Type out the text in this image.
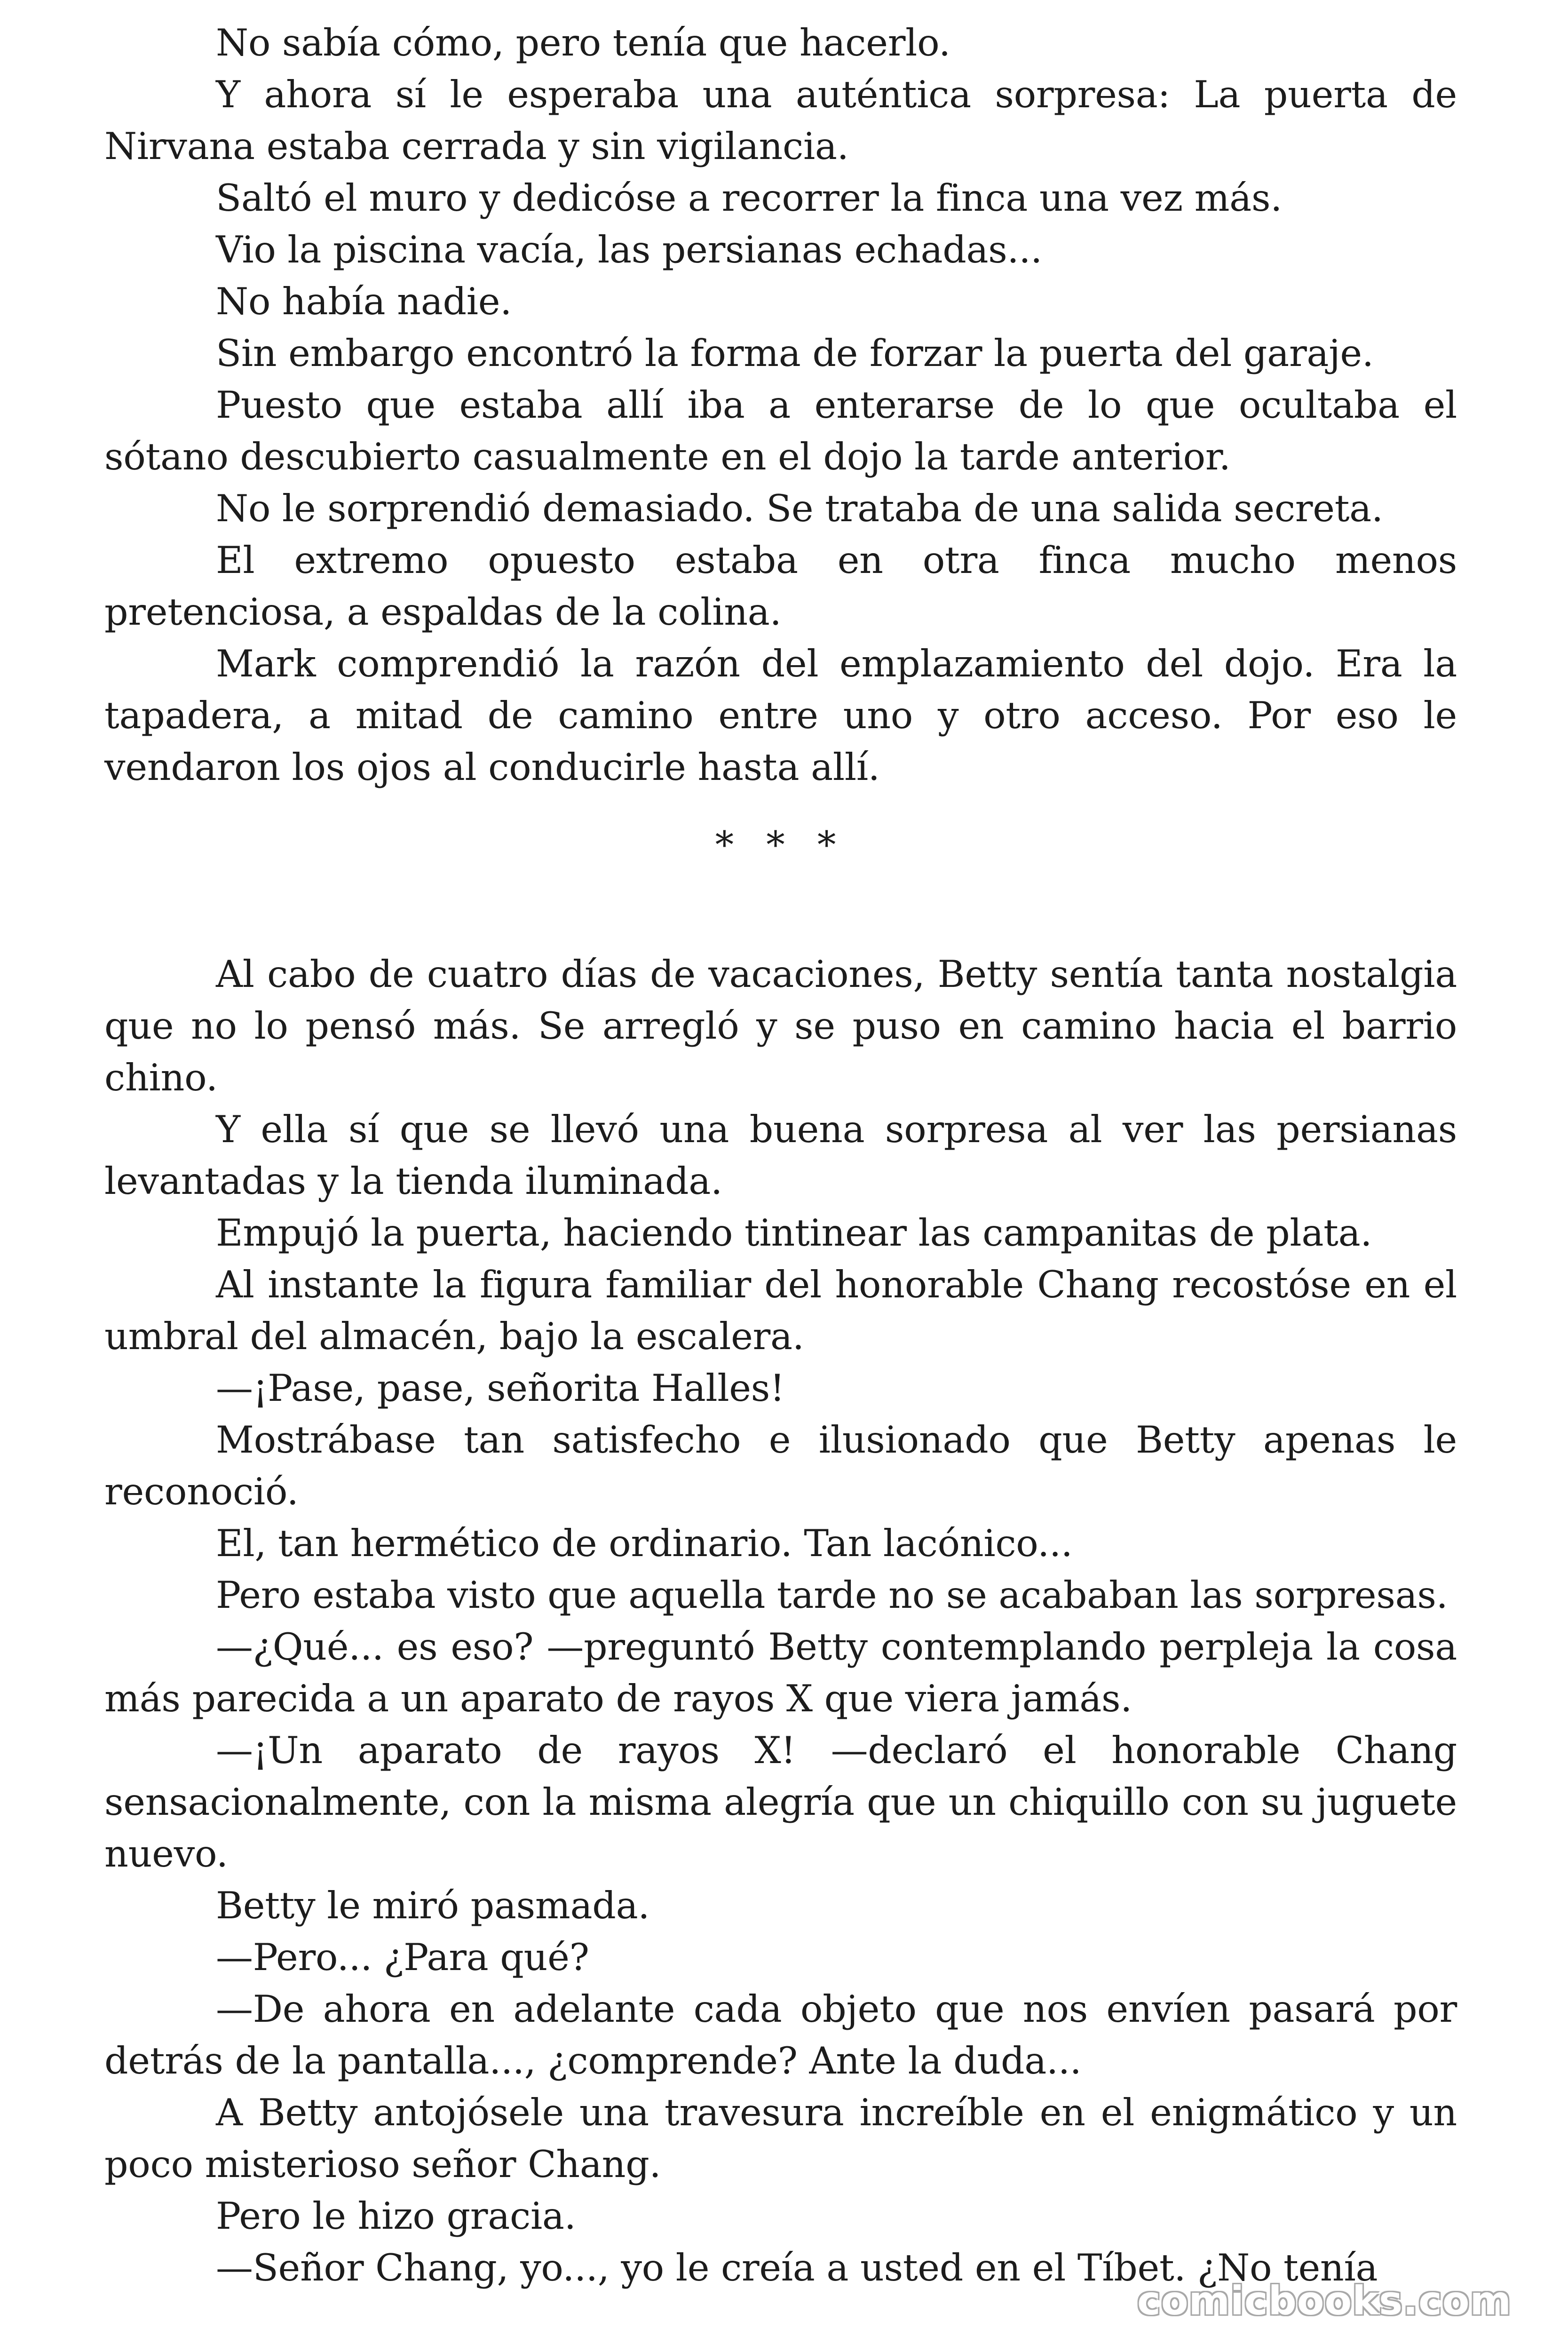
No sabía cómo, pero tenía que hacerlo.

Y ahora sí le esperaba una auténtica sorpresa: La puerta de Nirvana estaba cerrada y sin vigilancia.

Saltó el muro y dedicóse a recorrer la finca una vez más.

Vio la piscina vacía, las persianas echadas...

No había nadie.

Sin embargo encontró la forma de forzar la puerta del garaje.

Puesto que estaba allí iba a enterarse de lo que ocultaba el sótano descubierto casualmente en el dojo la tarde anterior.

No le sorprendió demasiado. Se trataba de una salida secreta.

El extremo opuesto estaba en otra finca mucho menos pretenciosa, a espaldas de la colina.

Mark comprendió la razón del emplazamiento del dojo. Era la tapadera, a mitad de camino entre uno y otro acceso. Por eso le vendaron los ojos al conducirle hasta allí.

* * *

Al cabo de cuatro días de vacaciones, Betty sentía tanta nostalgia que no lo pensó más. Se arregló y se puso en camino hacia el barrio chino.

Y ella sí que se llevó una buena sorpresa al ver las persianas levantadas y la tienda iluminada.

Empujó la puerta, haciendo tintinear las campanitas de plata.

Al instante la figura familiar del honorable Chang recostóse en el umbral del almacén, bajo la escalera.

—¡Pase, pase, señorita Halles!

Mostrábase tan satisfecho e ilusionado que Betty apenas le reconoció.

El, tan hermético de ordinario. Tan lacónico...

Pero estaba visto que aquella tarde no se acababan las sorpresas.

—¿Qué... es eso? —preguntó Betty contemplando perpleja la cosa más parecida a un aparato de rayos X que viera jamás.

—¡Un aparato de rayos X! —declaró el honorable Chang sensacionalmente, con la misma alegría que un chiquillo con su juguete nuevo.

Betty le miró pasmada.

—Pero... ¿Para qué?

—De ahora en adelante cada objeto que nos envíen pasará por detrás de la pantalla..., ¿comprende? Ante la duda...

A Betty antojósele una travesura increíble en el enigmático y un poco misterioso señor Chang.

Pero le hizo gracia.

—Señor Chang, yo..., yo le creía a usted en el Tíbet. ¿No tenía

comicbooks.com
